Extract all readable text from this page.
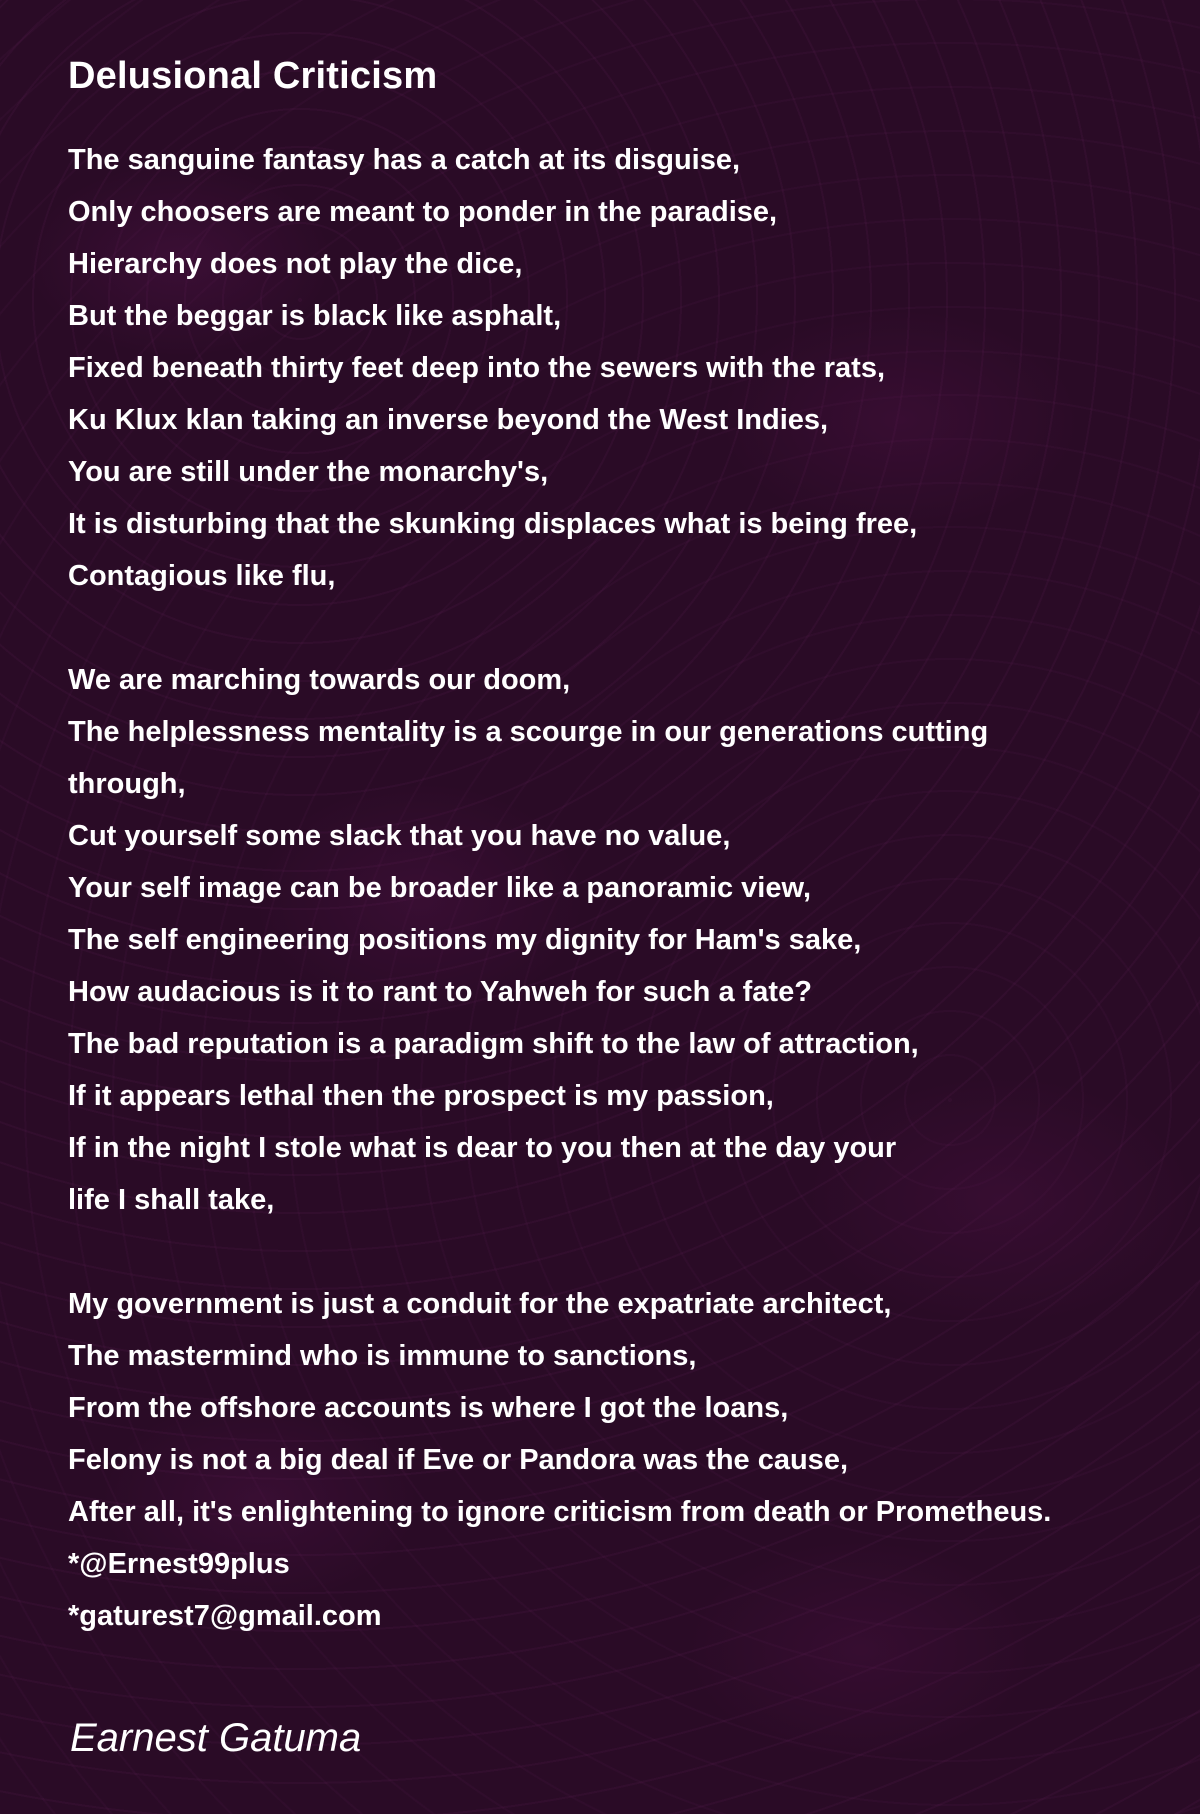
Delusional Criticism
The sanguine fantasy has a catch at its disguise,
Only choosers are meant to ponder in the paradise,
Hierarchy does not play the dice,
But the beggar is black like asphalt,
Fixed beneath thirty feet deep into the sewers with the rats,
Ku Klux klan taking an inverse beyond the West Indies,
You are still under the monarchy's,
It is disturbing that the skunking displaces what is being free,
Contagious like flu,
We are marching towards our doom,
The helplessness mentality is a scourge in our generations cutting
through,
Cut yourself some slack that you have no value,
Your self image can be broader like a panoramic view,
The self engineering positions my dignity for Ham's sake,
How audacious is it to rant to Yahweh for such a fate?
The bad reputation is a paradigm shift to the law of attraction,
If it appears lethal then the prospect is my passion,
If in the night I stole what is dear to you then at the day your
life I shall take,
My government is just a conduit for the expatriate architect,
The mastermind who is immune to sanctions,
From the offshore accounts is where I got the loans,
Felony is not a big deal if Eve or Pandora was the cause,
After all, it's enlightening to ignore criticism from death or Prometheus.
*@Ernest99plus
*gaturest7@gmail.com
Earnest Gatuma
